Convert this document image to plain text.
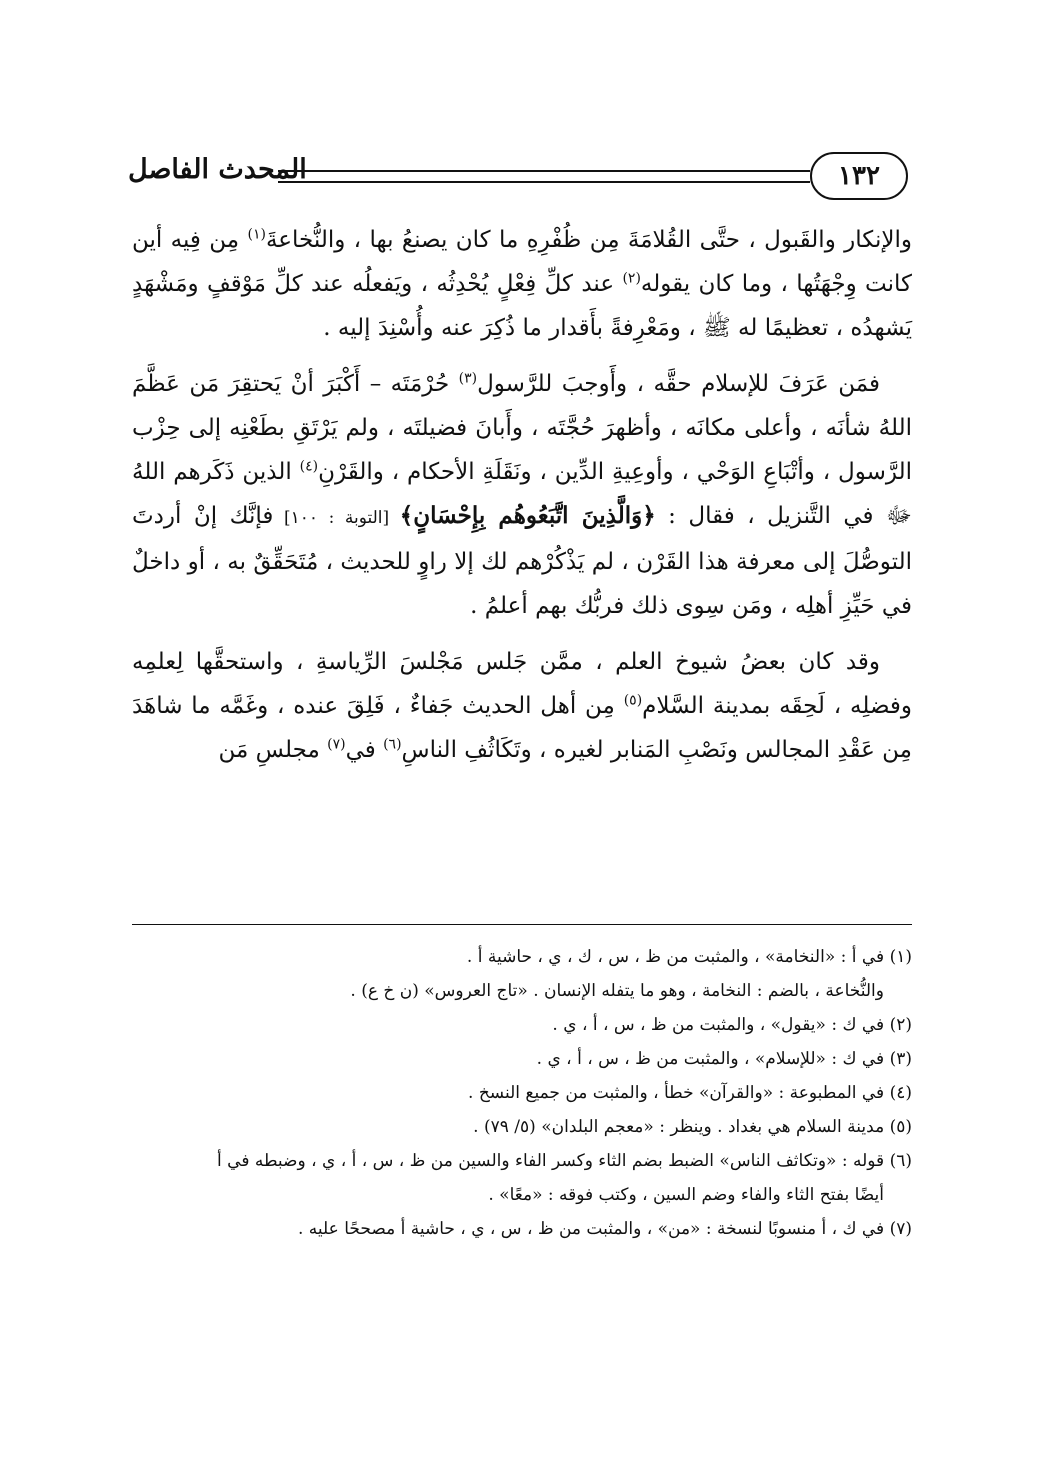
١٣٢
المحدث الفاصل

والإنكار والقَبول ، حتَّى القُلامَةَ مِن ظُفْرِهِ ما كان يصنعُ بها ، والنُّخاعةَ$^{(١)}$ مِن فِيه أين كانت وِجْهَتُها ، وما كان يقوله$^{(٢)}$ عند كلِّ فِعْلٍ يُحْدِثُه ، ويَفعلُه عند كلِّ مَوْقفٍ ومَشْهَدٍ يَشهدُه ، تعظيمًا له ﷺ ، ومَعْرِفةً بأَقدار ما ذُكِرَ عنه وأُسْنِدَ إليه .

فمَن عَرَفَ للإسلام حقَّه ، وأَوجبَ للرَّسول$^{(٣)}$ حُرْمَتَه – أَكْبَرَ أنْ يَحتقِرَ مَن عَظَّمَ اللهُ شأنَه ، وأعلى مكانَه ، وأظهرَ حُجَّتَه ، وأَبانَ فضيلتَه ، ولم يَرْتَقِ بطَعْنِه إلى حِزْب الرَّسول ، وأتْبَاعِ الوَحْي ، وأوعِيةِ الدِّين ، ونَقَلَةِ الأحكام ، والقَرْنِ$^{(٤)}$ الذين ذَكَرهم اللهُ ﷻ في التَّنزيل ، فقال : ﴿وَالَّذِينَ اتَّبَعُوهُم بِإِحْسَانٍ﴾ [التوبة : ١٠٠] فإنَّك إنْ أردتَ التوصُّلَ إلى معرفة هذا القَرْن ، لم يَذْكُرْهم لك إلا راوٍ للحديث ، مُتَحَقِّقٌ به ، أو داخلٌ في حَيِّزِ أهلِه ، ومَن سِوى ذلك فربُّك بهم أعلمُ .

وقد كان بعضُ شيوخ العلم ، ممَّن جَلس مَجْلسَ الرِّياسةِ ، واستحقَّها لِعلمِه وفضلِه ، لَحِقَه بمدينة السَّلام$^{(٥)}$ مِن أهل الحديث جَفاءٌ ، فَلِقَ عنده ، وغَمَّه ما شاهَدَ مِن عَقْدِ المجالس ونَصْبِ المَنابر لغيره ، وتَكَاثُفِ الناسِ$^{(٦)}$ في$^{(٧)}$ مجلسِ مَن

(١) في أ : «النخامة» ، والمثبت من ظ ، س ، ك ، ي ، حاشية أ .
والنُّخاعة ، بالضم : النخامة ، وهو ما يتفله الإنسان . «تاج العروس» (ن خ ع) .
(٢) في ك : «يقول» ، والمثبت من ظ ، س ، أ ، ي .
(٣) في ك : «للإسلام» ، والمثبت من ظ ، س ، أ ، ي .
(٤) في المطبوعة : «والقرآن» خطأ ، والمثبت من جميع النسخ .
(٥) مدينة السلام هي بغداد . وينظر : «معجم البلدان» (٥/ ٧٩) .
(٦) قوله : «وتكاثف الناس» الضبط بضم الثاء وكسر الفاء والسين من ظ ، س ، أ ، ي ، وضبطه في أ
أيضًا بفتح الثاء والفاء وضم السين ، وكتب فوقه : «معًا» .
(٧) في ك ، أ منسوبًا لنسخة : «من» ، والمثبت من ظ ، س ، ي ، حاشية أ مصححًا عليه .
